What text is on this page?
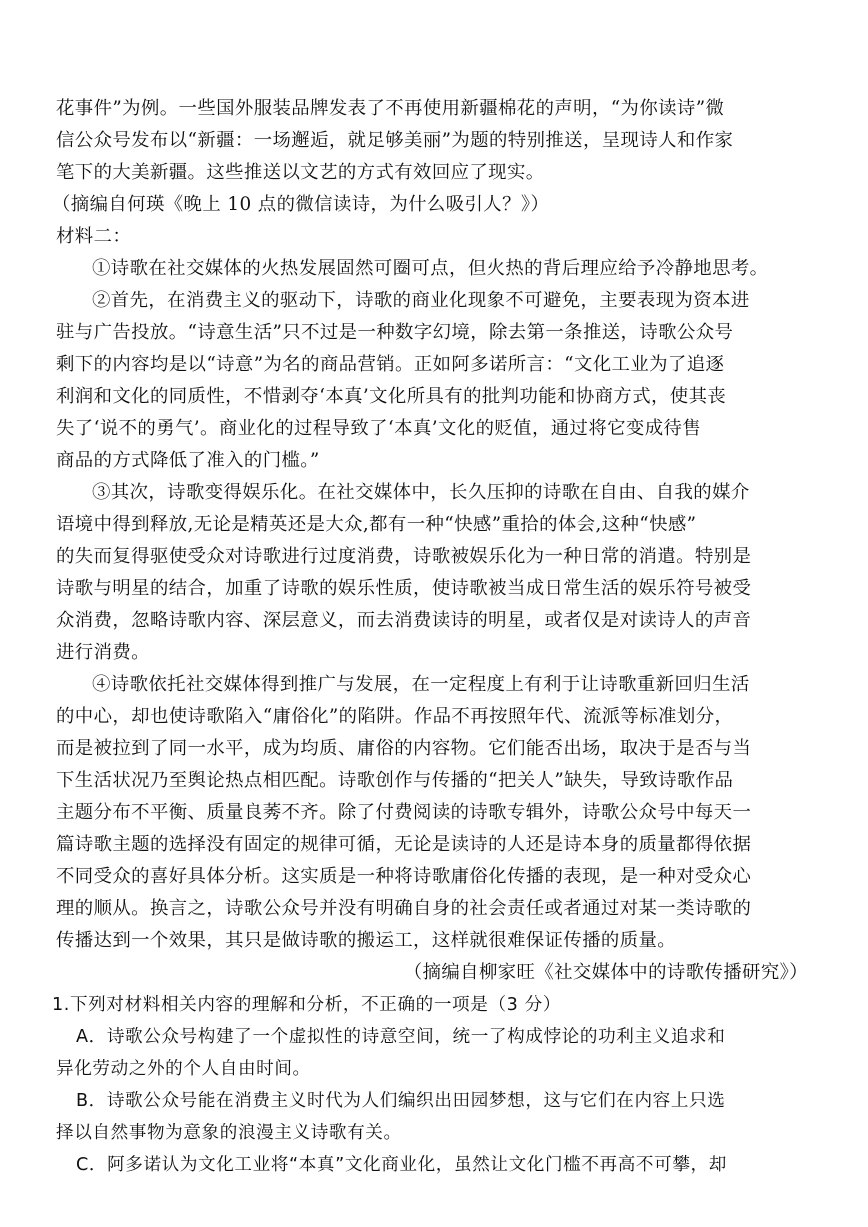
花事件”为例。一些国外服装品牌发表了不再使用新疆棉花的声明，“为你读诗”微
信公众号发布以“新疆：一场邂逅，就足够美丽”为题的特别推送，呈现诗人和作家
笔下的大美新疆。这些推送以文艺的方式有效回应了现实。
（摘编自何瑛《晚上 10 点的微信读诗，为什么吸引人？》）
材料二：
①诗歌在社交媒体的火热发展固然可圈可点，但火热的背后理应给予冷静地思考。
②首先，在消费主义的驱动下，诗歌的商业化现象不可避免，主要表现为资本进
驻与广告投放。“诗意生活”只不过是一种数字幻境，除去第一条推送，诗歌公众号
剩下的内容均是以“诗意”为名的商品营销。正如阿多诺所言：“文化工业为了追逐
利润和文化的同质性，不惜剥夺‘本真’文化所具有的批判功能和协商方式，使其丧
失了‘说不的勇气’。商业化的过程导致了‘本真’文化的贬值，通过将它变成待售
商品的方式降低了准入的门槛。”
③其次，诗歌变得娱乐化。在社交媒体中，长久压抑的诗歌在自由、自我的媒介
语境中得到释放,无论是精英还是大众,都有一种“快感”重拾的体会,这种“快感”
的失而复得驱使受众对诗歌进行过度消费，诗歌被娱乐化为一种日常的消遣。特别是
诗歌与明星的结合，加重了诗歌的娱乐性质，使诗歌被当成日常生活的娱乐符号被受
众消费，忽略诗歌内容、深层意义，而去消费读诗的明星，或者仅是对读诗人的声音
进行消费。
④诗歌依托社交媒体得到推广与发展，在一定程度上有利于让诗歌重新回归生活
的中心，却也使诗歌陷入“庸俗化”的陷阱。作品不再按照年代、流派等标准划分，
而是被拉到了同一水平，成为均质、庸俗的内容物。它们能否出场，取决于是否与当
下生活状况乃至舆论热点相匹配。诗歌创作与传播的“把关人”缺失，导致诗歌作品
主题分布不平衡、质量良莠不齐。除了付费阅读的诗歌专辑外，诗歌公众号中每天一
篇诗歌主题的选择没有固定的规律可循，无论是读诗的人还是诗本身的质量都得依据
不同受众的喜好具体分析。这实质是一种将诗歌庸俗化传播的表现，是一种对受众心
理的顺从。换言之，诗歌公众号并没有明确自身的社会责任或者通过对某一类诗歌的
传播达到一个效果，其只是做诗歌的搬运工，这样就很难保证传播的质量。
（摘编自柳家旺《社交媒体中的诗歌传播研究》）
1.下列对材料相关内容的理解和分析，不正确的一项是（3 分）
A．诗歌公众号构建了一个虚拟性的诗意空间，统一了构成悖论的功利主义追求和
异化劳动之外的个人自由时间。
B．诗歌公众号能在消费主义时代为人们编织出田园梦想，这与它们在内容上只选
择以自然事物为意象的浪漫主义诗歌有关。
C．阿多诺认为文化工业将“本真”文化商业化，虽然让文化门槛不再高不可攀，却
